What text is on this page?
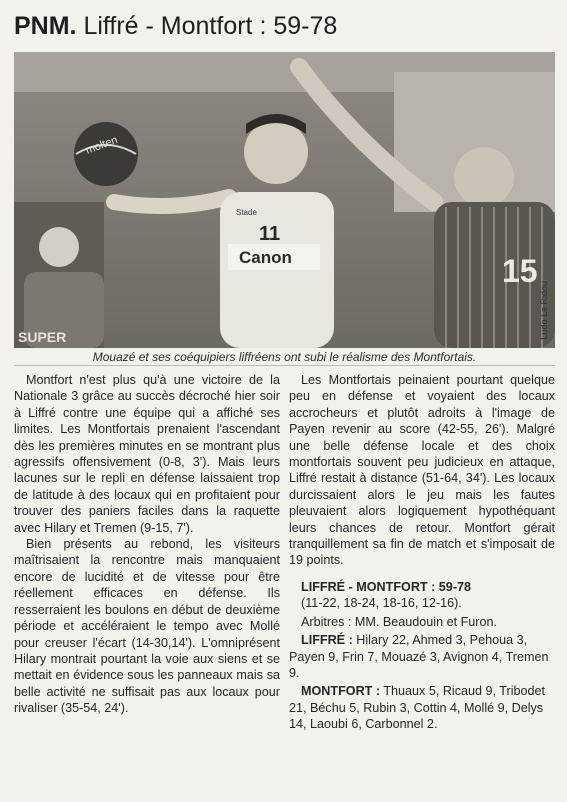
PNM. Liffré - Montfort : 59-78
SUPER
molten
Canon
Stade
11
15
Ludo Le Ridou
Mouazé et ses coéquipiers liffréens ont subi le réalisme des Montfortais.

Montfort n'est plus qu'à une victoire de la Nationale 3 grâce au succès décroché hier soir à Liffré contre une équipe qui a affiché ses limites. Les Montfortais prenaient l'ascendant dès les premières minutes en se montrant plus agressifs offensivement (0-8, 3'). Mais leurs lacunes sur le repli en défense laissaient trop de latitude à des locaux qui en profitaient pour trouver des paniers faciles dans la raquette avec Hilary et Tremen (9-15, 7').

Bien présents au rebond, les visiteurs maîtrisaient la rencontre mais manquaient encore de lucidité et de vitesse pour être réellement efficaces en défense. Ils resserraient les boulons en début de deuxième période et accéléraient le tempo avec Mollé pour creuser l'écart (14-30,14'). L'omniprésent Hilary montrait pourtant la voie aux siens et se mettait en évidence sous les panneaux mais sa belle activité ne suffisait pas aux locaux pour rivaliser (35-54, 24').

Les Montfortais peinaient pourtant quelque peu en défense et voyaient des locaux accrocheurs et plutôt adroits à l'image de Payen revenir au score (42-55, 26'). Malgré une belle défense locale et des choix montfortais souvent peu judicieux en attaque, Liffré restait à distance (51-64, 34'). Les locaux durcissaient alors le jeu mais les fautes pleuvaient alors logiquement hypothéquant leurs chances de retour. Montfort gérait tranquillement sa fin de match et s'imposait de 19 points.

LIFFRÉ - MONTFORT : 59-78

(11-22, 18-24, 18-16, 12-16).

Arbitres : MM. Beaudouin et Furon.

LIFFRÉ : Hilary 22, Ahmed 3, Pehoua 3, Payen 9, Frin 7, Mouazé 3, Avignon 4, Tremen 9.

MONTFORT : Thuaux 5, Ricaud 9, Tribodet 21, Béchu 5, Rubin 3, Cottin 4, Mollé 9, Delys 14, Laoubi 6, Carbonnel 2.
